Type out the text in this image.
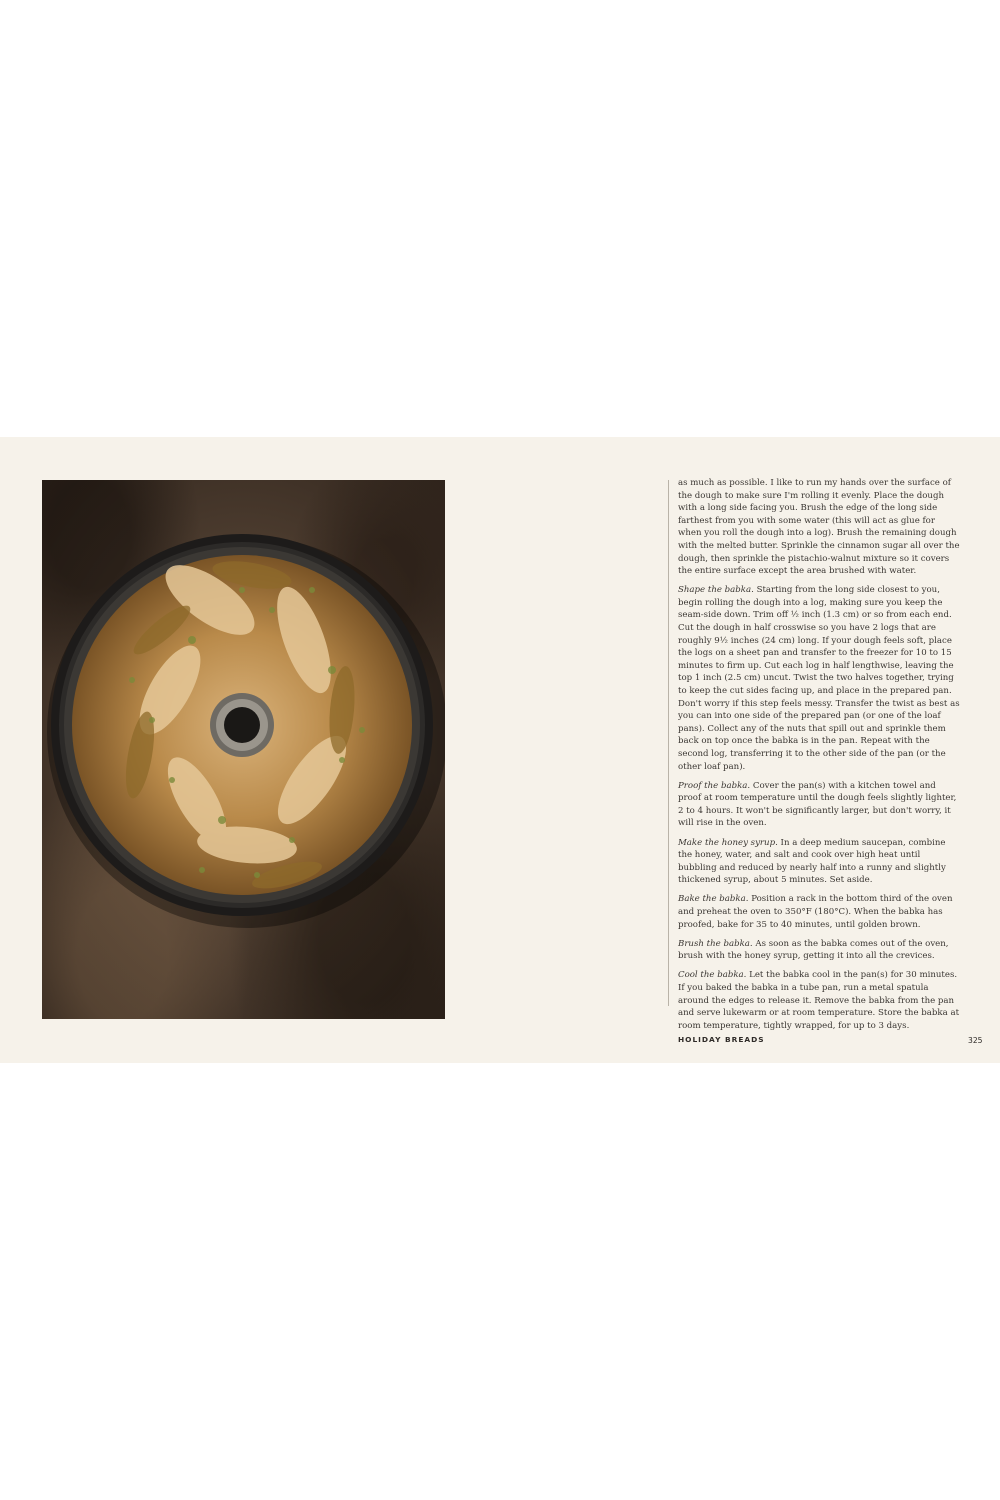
as much as possible. I like to run my hands over the surface of the dough to make sure I'm rolling it evenly. Place the dough with a long side facing you. Brush the edge of the long side farthest from you with some water (this will act as glue for when you roll the dough into a log). Brush the remaining dough with the melted butter. Sprinkle the cinnamon sugar all over the dough, then sprinkle the pistachio-walnut mixture so it covers the entire surface except the area brushed with water.

Shape the babka. Starting from the long side closest to you, begin rolling the dough into a log, making sure you keep the seam-side down. Trim off ½ inch (1.3 cm) or so from each end. Cut the dough in half crosswise so you have 2 logs that are roughly 9½ inches (24 cm) long. If your dough feels soft, place the logs on a sheet pan and transfer to the freezer for 10 to 15 minutes to firm up. Cut each log in half lengthwise, leaving the top 1 inch (2.5 cm) uncut. Twist the two halves together, trying to keep the cut sides facing up, and place in the prepared pan. Don't worry if this step feels messy. Transfer the twist as best as you can into one side of the prepared pan (or one of the loaf pans). Collect any of the nuts that spill out and sprinkle them back on top once the babka is in the pan. Repeat with the second log, transferring it to the other side of the pan (or the other loaf pan).

Proof the babka. Cover the pan(s) with a kitchen towel and proof at room temperature until the dough feels slightly lighter, 2 to 4 hours. It won't be significantly larger, but don't worry, it will rise in the oven.

Make the honey syrup. In a deep medium saucepan, combine the honey, water, and salt and cook over high heat until bubbling and reduced by nearly half into a runny and slightly thickened syrup, about 5 minutes. Set aside.

Bake the babka. Position a rack in the bottom third of the oven and preheat the oven to 350°F (180°C). When the babka has proofed, bake for 35 to 40 minutes, until golden brown.

Brush the babka. As soon as the babka comes out of the oven, brush with the honey syrup, getting it into all the crevices.

Cool the babka. Let the babka cool in the pan(s) for 30 minutes. If you baked the babka in a tube pan, run a metal spatula around the edges to release it. Remove the babka from the pan and serve lukewarm or at room temperature. Store the babka at room temperature, tightly wrapped, for up to 3 days.

HOLIDAY BREADS	325
